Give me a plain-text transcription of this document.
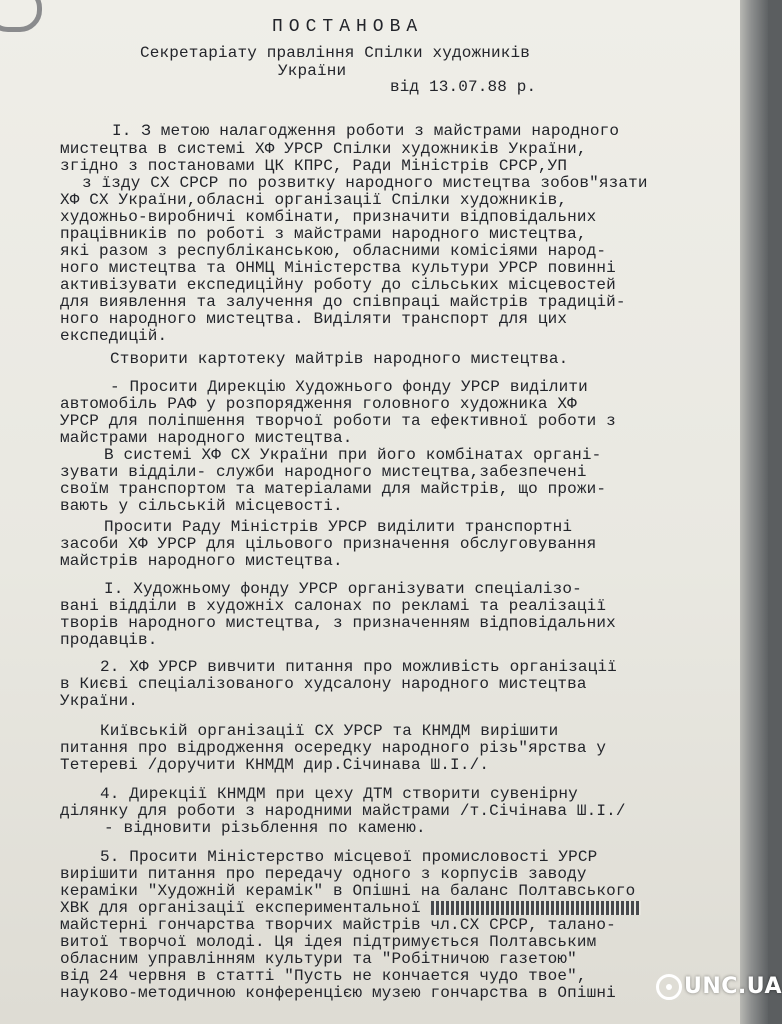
ПОСТАНОВА
Секретаріату правління Спілки художників
України
від 13.07.88 р.
І. З метою налагодження роботи з майстрами народного
мистецтва в системі ХФ УРСР Спілки художників України,
згідно з постановами ЦК КПРС, Ради Міністрів СРСР,УП
з їзду СХ СРСР по розвитку народного мистецтва зобов"язати
ХФ СХ України,обласні організації Спілки художників,
художньо-виробничі комбінати, призначити відповідальних
працівників по роботі з майстрами народного мистецтва,
які разом з республіканською, обласними комісіями народ-
ного мистецтва та ОНМЦ Міністерства культури УРСР повинні
активізувати експедиційну роботу до сільських місцевостей
для виявлення та залучення до співпраці майстрів традицій-
ного народного мистецтва. Виділяти транспорт для цих
експедицій.
Створити картотеку майтрів народного мистецтва.
- Просити Дирекцію Художнього фонду УРСР виділити
автомобіль РАФ у розпорядження головного художника ХФ
УРСР для поліпшення творчої роботи та ефективної роботи з
майстрами народного мистецтва.
В системі ХФ СХ України при його комбінатах органі-
зувати відділи- служби народного мистецтва,забезпечені
своїм транспортом та матеріалами для майстрів, що прожи-
вають у сільській місцевості.
Просити Раду Міністрів УРСР виділити транспортні
засоби ХФ УРСР для цільового призначення обслуговування
майстрів народного мистецтва.
І. Художньому фонду УРСР організувати спеціалізо-
вані відділи в художніх салонах по рекламі та реалізації
творів народного мистецтва, з призначенням відповідальних
продавців.
2. ХФ УРСР вивчити питання про можливість організації
в Києві спеціалізованого худсалону народного мистецтва
України.
Київській організації СХ УРСР та КНМДМ вирішити
питання про відродження осередку народного різь"ярства у
Тетереві /доручити КНМДМ дир.Січинава Ш.І./.
4. Дирекції КНМДМ при цеху ДТМ створити сувенірну
ділянку для роботи з народними майстрами /т.Січінава Ш.І./
- відновити різьблення по каменю.
5. Просити Міністерство місцевої промисловості УРСР
вирішити питання про передачу одного з корпусів заводу
кераміки "Художній керамік" в Опішні на баланс Полтавського
ХВК для організації експериментальної
майстерні гончарства творчих майстрів чл.СХ СРСР, талано-
витої творчої молоді. Ця ідея підтримується Полтавським
обласним управлінням культури та "Робітничою газетою"
від 24 червня в статті "Пусть не кончается чудо твое",
науково-методичною конференцією музею гончарства в Опішні	UNC.UA
